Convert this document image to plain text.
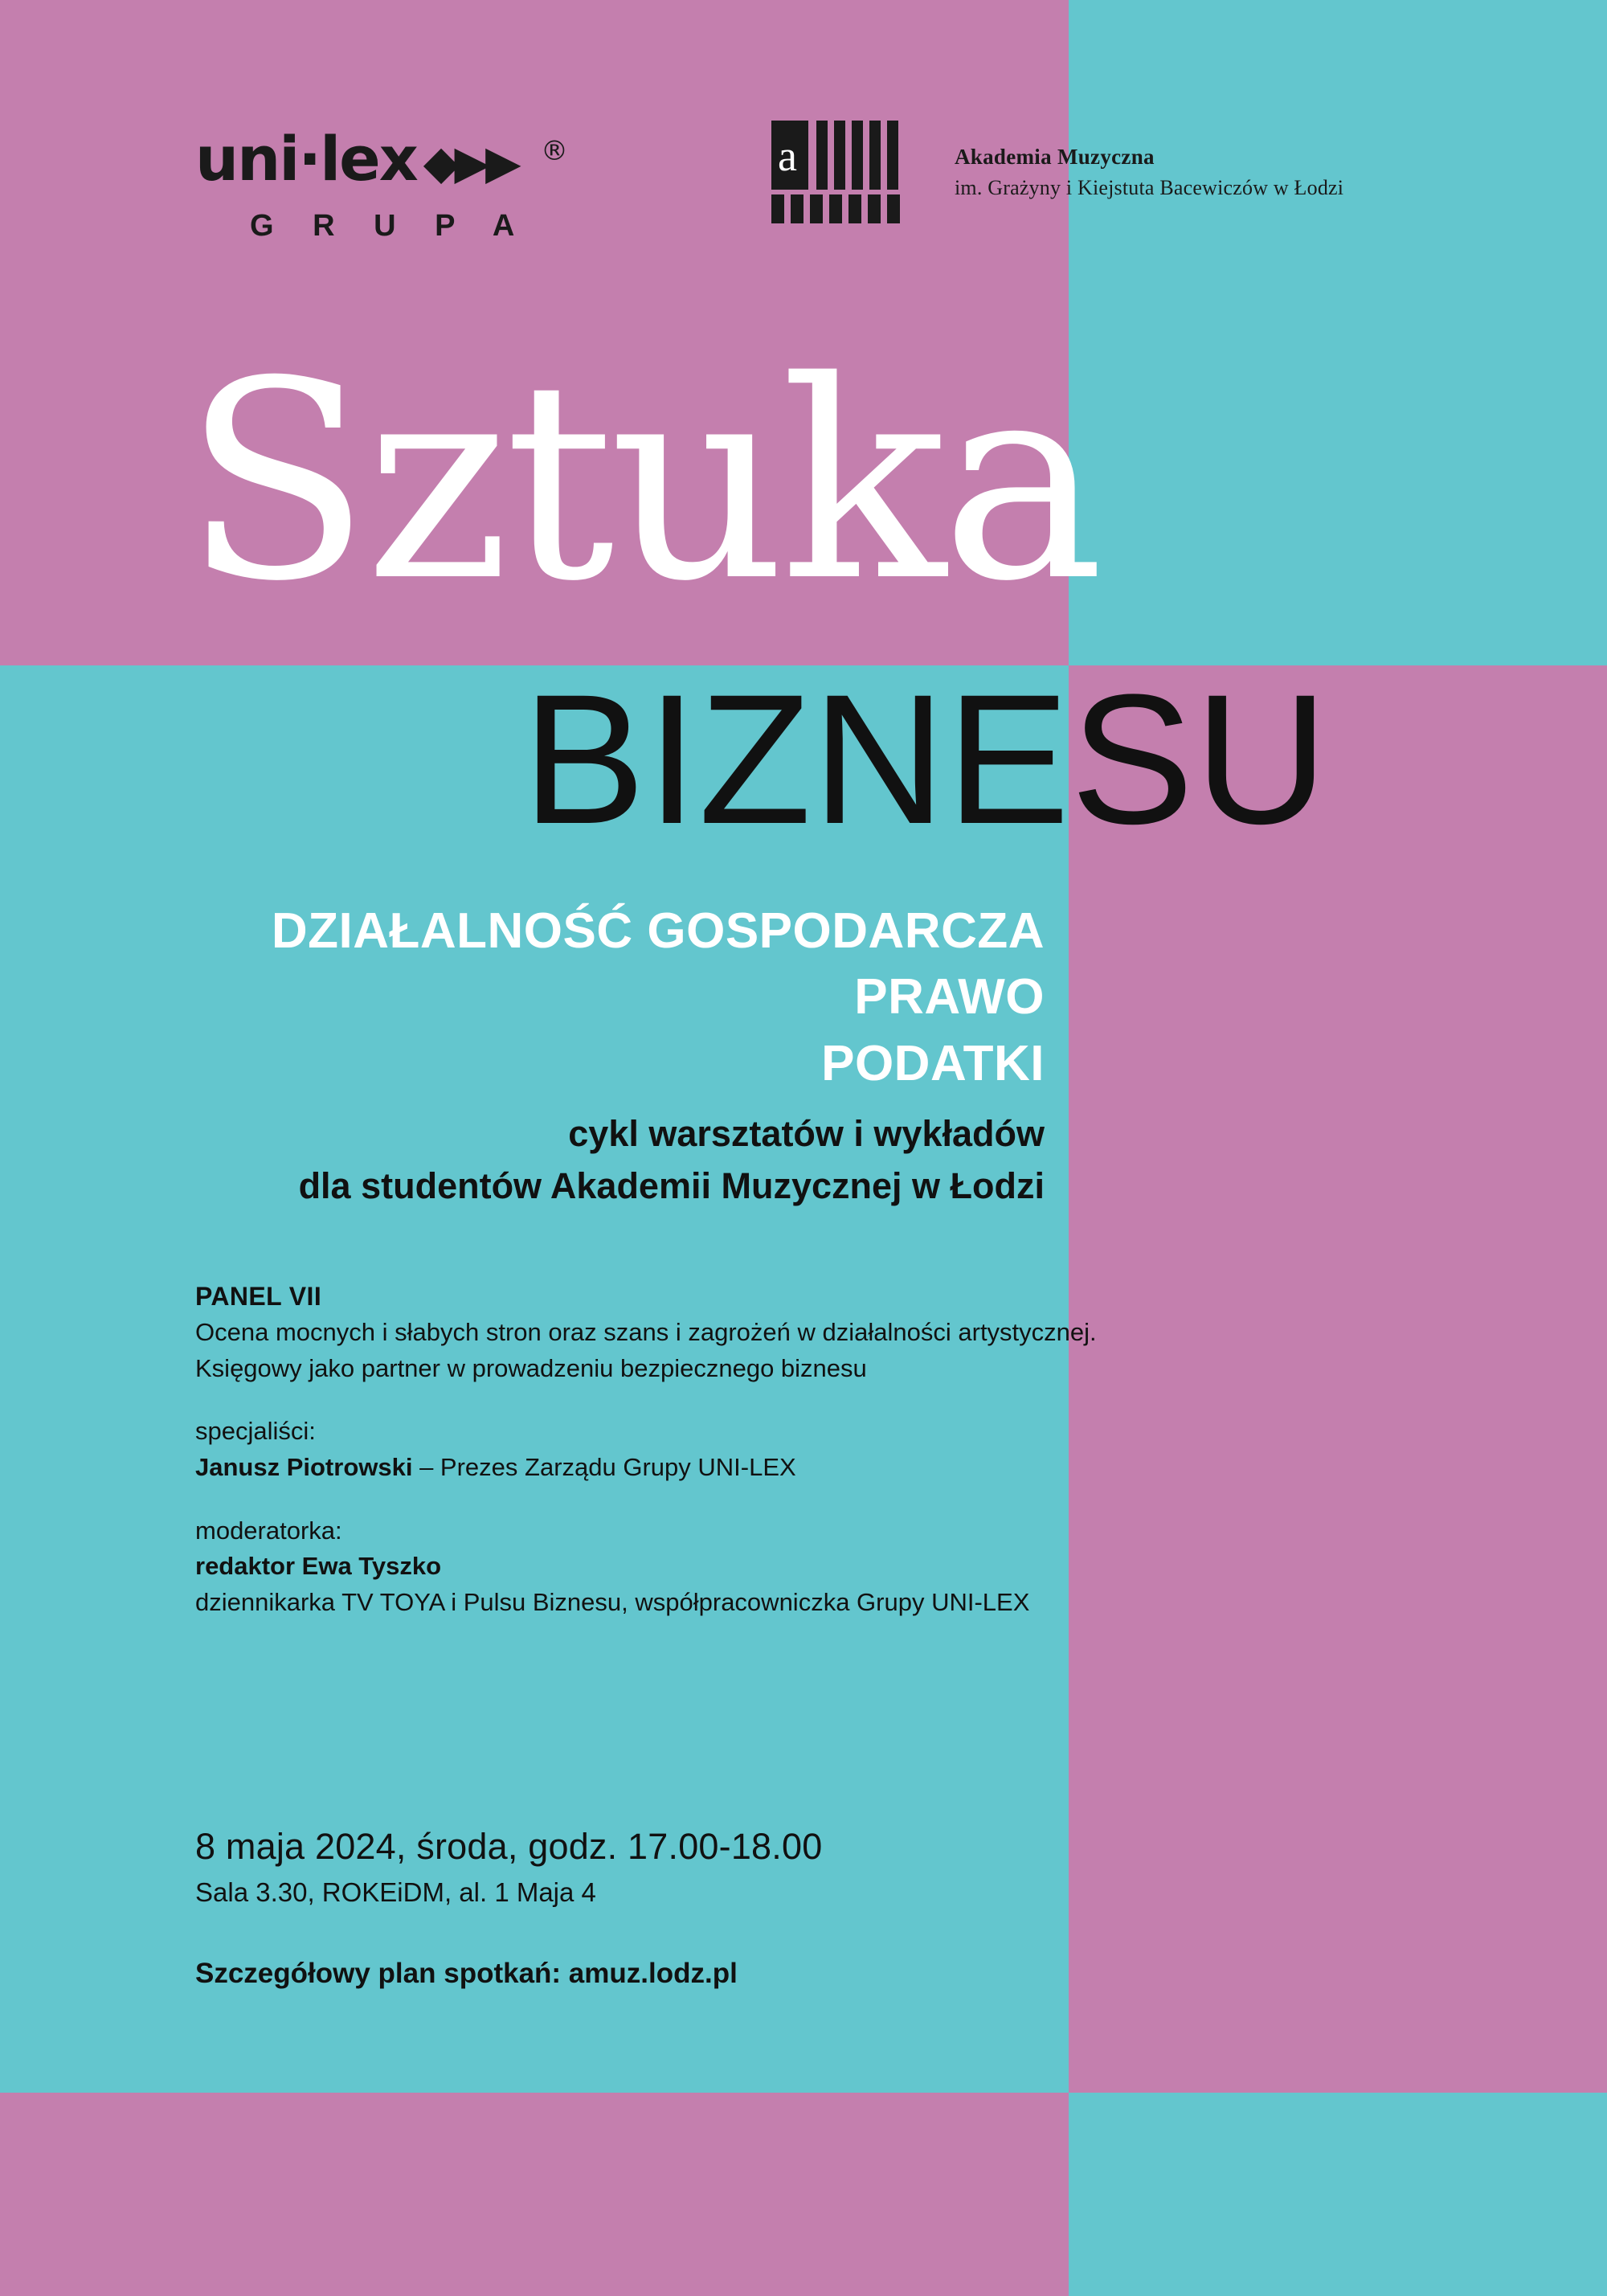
uni·lex ◆▶▶ ®
G R U P A
a	Akademia Muzyczna
im. Grażyny i Kiejstuta Bacewiczów w Łodzi
Sztuka
BIZNESU
DZIAŁALNOŚĆ GOSPODARCZA
PRAWO
PODATKI
cykl warsztatów i wykładów
dla studentów Akademii Muzycznej w Łodzi

PANEL VII

Ocena mocnych i słabych stron oraz szans i zagrożeń w działalności artystycznej.

Księgowy jako partner w prowadzeniu bezpiecznego biznesu

specjaliści:

Janusz Piotrowski – Prezes Zarządu Grupy UNI-LEX

moderatorka:

redaktor Ewa Tyszko

dziennikarka TV TOYA i Pulsu Biznesu, współpracowniczka Grupy UNI-LEX

8 maja 2024, środa, godz. 17.00-18.00
Sala 3.30, ROKEiDM, al. 1 Maja 4
Szczegółowy plan spotkań: amuz.lodz.pl
